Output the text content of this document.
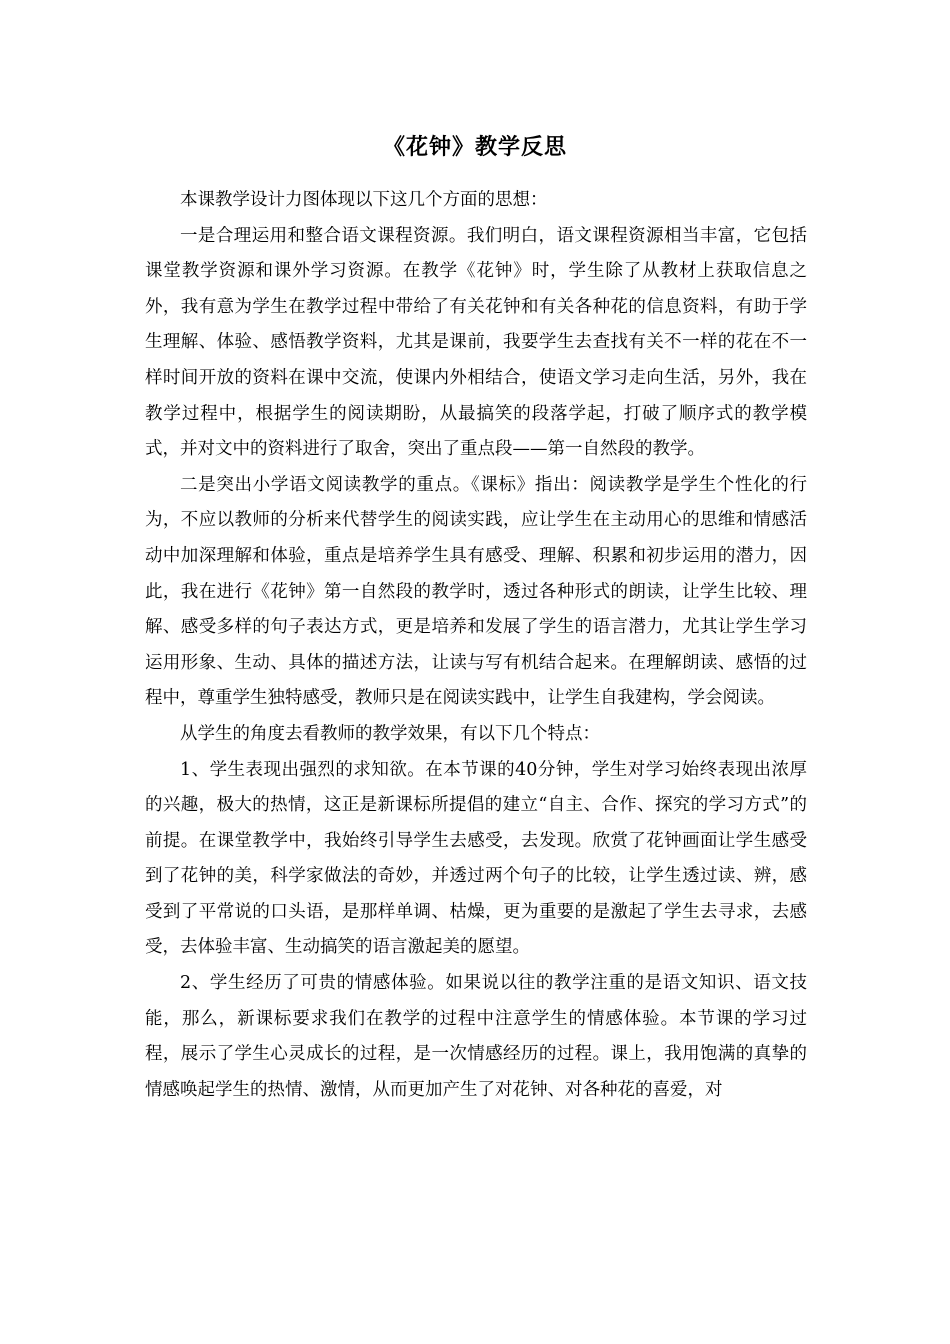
《花钟》教学反思

本课教学设计力图体现以下这几个方面的思想：

一是合理运用和整合语文课程资源。我们明白，语文课程资源相当丰富，它包括课堂教学资源和课外学习资源。在教学《花钟》时，学生除了从教材上获取信息之外，我有意为学生在教学过程中带给了有关花钟和有关各种花的信息资料，有助于学生理解、体验、感悟教学资料，尤其是课前，我要学生去查找有关不一样的花在不一样时间开放的资料在课中交流，使课内外相结合，使语文学习走向生活，另外，我在教学过程中，根据学生的阅读期盼，从最搞笑的段落学起，打破了顺序式的教学模式，并对文中的资料进行了取舍，突出了重点段——第一自然段的教学。

二是突出小学语文阅读教学的重点。《课标》指出：阅读教学是学生个性化的行为，不应以教师的分析来代替学生的阅读实践，应让学生在主动用心的思维和情感活动中加深理解和体验，重点是培养学生具有感受、理解、积累和初步运用的潜力，因此，我在进行《花钟》第一自然段的教学时，透过各种形式的朗读，让学生比较、理解、感受多样的句子表达方式，更是培养和发展了学生的语言潜力，尤其让学生学习运用形象、生动、具体的描述方法，让读与写有机结合起来。在理解朗读、感悟的过程中，尊重学生独特感受，教师只是在阅读实践中，让学生自我建构，学会阅读。

从学生的角度去看教师的教学效果，有以下几个特点：

1、学生表现出强烈的求知欲。在本节课的40分钟，学生对学习始终表现出浓厚的兴趣，极大的热情，这正是新课标所提倡的建立“自主、合作、探究的学习方式”的前提。在课堂教学中，我始终引导学生去感受，去发现。欣赏了花钟画面让学生感受到了花钟的美，科学家做法的奇妙，并透过两个句子的比较，让学生透过读、辨，感受到了平常说的口头语，是那样单调、枯燥，更为重要的是激起了学生去寻求，去感受，去体验丰富、生动搞笑的语言激起美的愿望。

2、学生经历了可贵的情感体验。如果说以往的教学注重的是语文知识、语文技能，那么，新课标要求我们在教学的过程中注意学生的情感体验。本节课的学习过程，展示了学生心灵成长的过程，是一次情感经历的过程。课上，我用饱满的真挚的情感唤起学生的热情、激情，从而更加产生了对花钟、对各种花的喜爱，对
